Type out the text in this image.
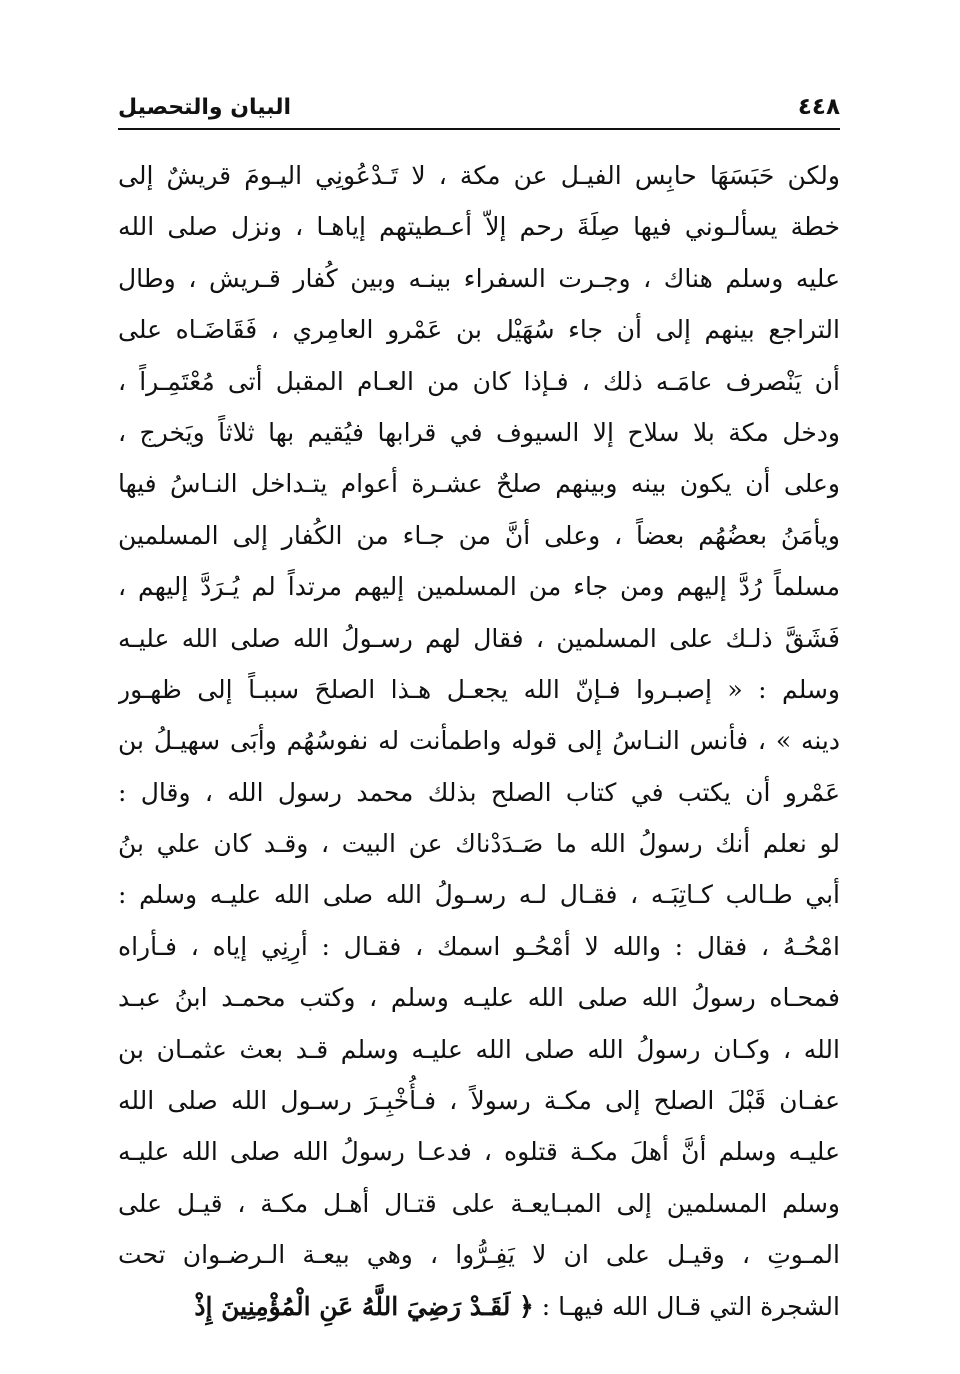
٤٤٨
البيان والتحصيل
ولكن حَبَسَهَا حابِس الفيـل عن مكة ، لا تَـدْعُونِي اليـومَ قريشٌ إلى
خطة يسألـوني فيها صِلَةَ رحم إلاّ أعـطيتهم إياهـا ، ونزل صلى الله
عليه وسلم هناك ، وجـرت السفراء بينـه وبين كُفار قـريش ، وطال
التراجع بينهم إلى أن جاء سُهَيْل بن عَمْرو العامِري ، فَقَاضَـاه على
أن يَنْصرف عامَـه ذلك ، فـإذا كان من العـام المقبل أتى مُعْتَمِـراً ،
ودخل مكة بلا سلاح إلا السيوف في قرابها فيُقيم بها ثلاثاً ويَخرج ،
وعلى أن يكون بينه وبينهم صلحٌ عشـرة أعوام يتـداخل النـاسُ فيها
ويأمَنُ بعضُهُم بعضاً ، وعلى أنَّ من جـاء من الكُفار إلى المسلمين
مسلماً رُدَّ إليهم ومن جاء من المسلمين إليهم مرتداً لم يُـرَدَّ إليهم ،
فَشَقَّ ذلـك على المسلمين ، فقال لهم رسـولُ الله صلى الله عليـه
وسلم : « إصبـروا فـإنّ الله يجعـل هـذا الصلحَ سببـاً إلى ظهـور
دينه » ، فأنس النـاسُ إلى قوله واطمأنت له نفوسُهُم وأبَى سهيـلُ بن
عَمْرو أن يكتب في كتاب الصلح بذلك محمد رسول الله ، وقال :
لو نعلم أنك رسولُ الله ما صَـدَدْناك عن البيت ، وقـد كان علي بنُ
أبي طـالب كـاتِبَـه ، فقـال لـه رسـولُ الله صلى الله عليـه وسلم :
امْحُـهُ ، فقال : والله لا أمْحُـو اسمك ، فقـال : أرِنِي إياه ، فـأراه
فمحـاه رسولُ الله صلى الله عليـه وسلم ، وكتب محمـد ابنُ عبـد
الله ، وكـان رسولُ الله صلى الله عليـه وسلم قـد بعث عثمـان بن
عفـان قَبْلَ الصلح إلى مكـة رسولاً ، فـأُخْبِـرَ رسـول الله صلى الله
عليـه وسلم أنَّ أهلَ مكـة قتلوه ، فدعـا رسولُ الله صلى الله عليـه
وسلم المسلمين إلى المبـايعـة على قتـال أهـل مكـة ، قيـل على
المـوتِ ، وقيـل على ان لا يَفِـرُّوا ، وهي بيعـة الـرضـوان تحت
الشجرة التي قـال الله فيهـا : ﴿ لَقَـدْ رَضِيَ اللَّهُ عَنِ الْمُؤْمِنِينَ إِذْ
